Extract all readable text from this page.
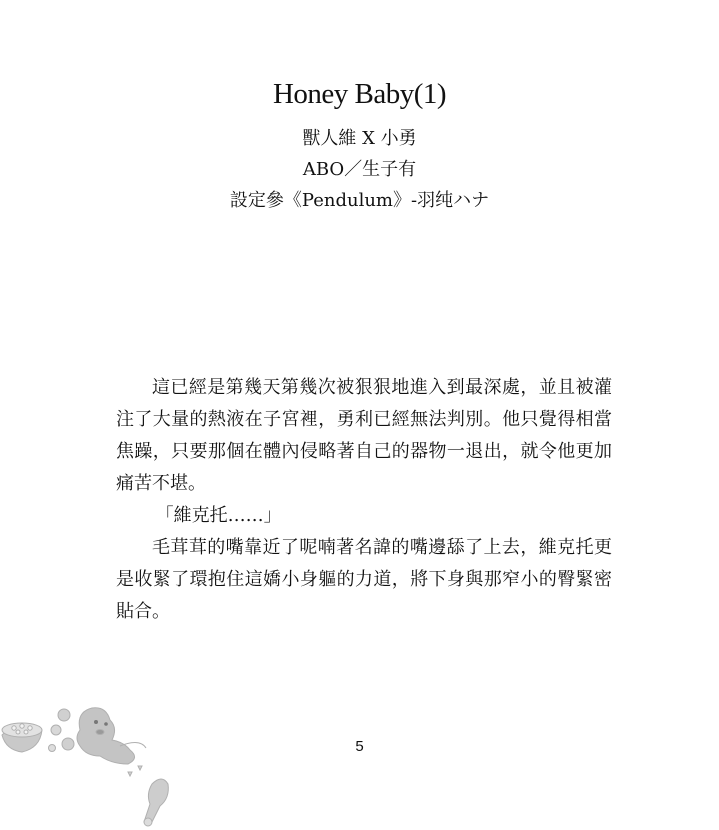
Honey Baby(1)
獸人維 X 小勇
ABO／生子有
設定參《Pendulum》-羽纯ハナ

這已經是第幾天第幾次被狠狠地進入到最深處，並且被灌注了大量的熱液在子宮裡，勇利已經無法判別。他只覺得相當焦躁，只要那個在體內侵略著自己的器物一退出，就令他更加痛苦不堪。

「維克托……」

毛茸茸的嘴靠近了呢喃著名諱的嘴邊舔了上去，維克托更是收緊了環抱住這嬌小身軀的力道，將下身與那窄小的臀緊密貼合。

5
